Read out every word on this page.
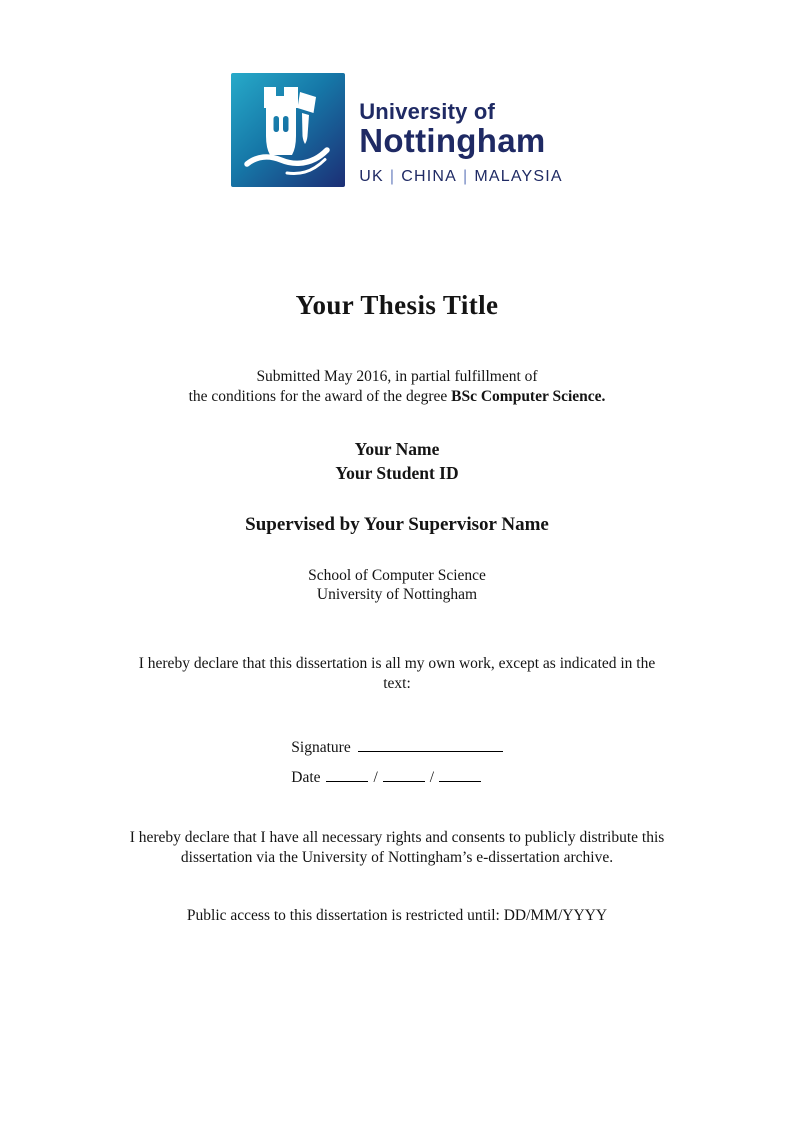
University of
Nottingham
UK | CHINA | MALAYSIA
Your Thesis Title

Submitted May 2016, in partial fulfillment of
the conditions for the award of the degree BSc Computer Science.

Your Name
Your Student ID
Supervised by Your Supervisor Name
School of Computer Science
University of Nottingham

I hereby declare that this dissertation is all my own work, except as indicated in the
text:

Signature
Date	/	/

I hereby declare that I have all necessary rights and consents to publicly distribute this
dissertation via the University of Nottingham’s e-dissertation archive.

Public access to this dissertation is restricted until: DD/MM/YYYY
